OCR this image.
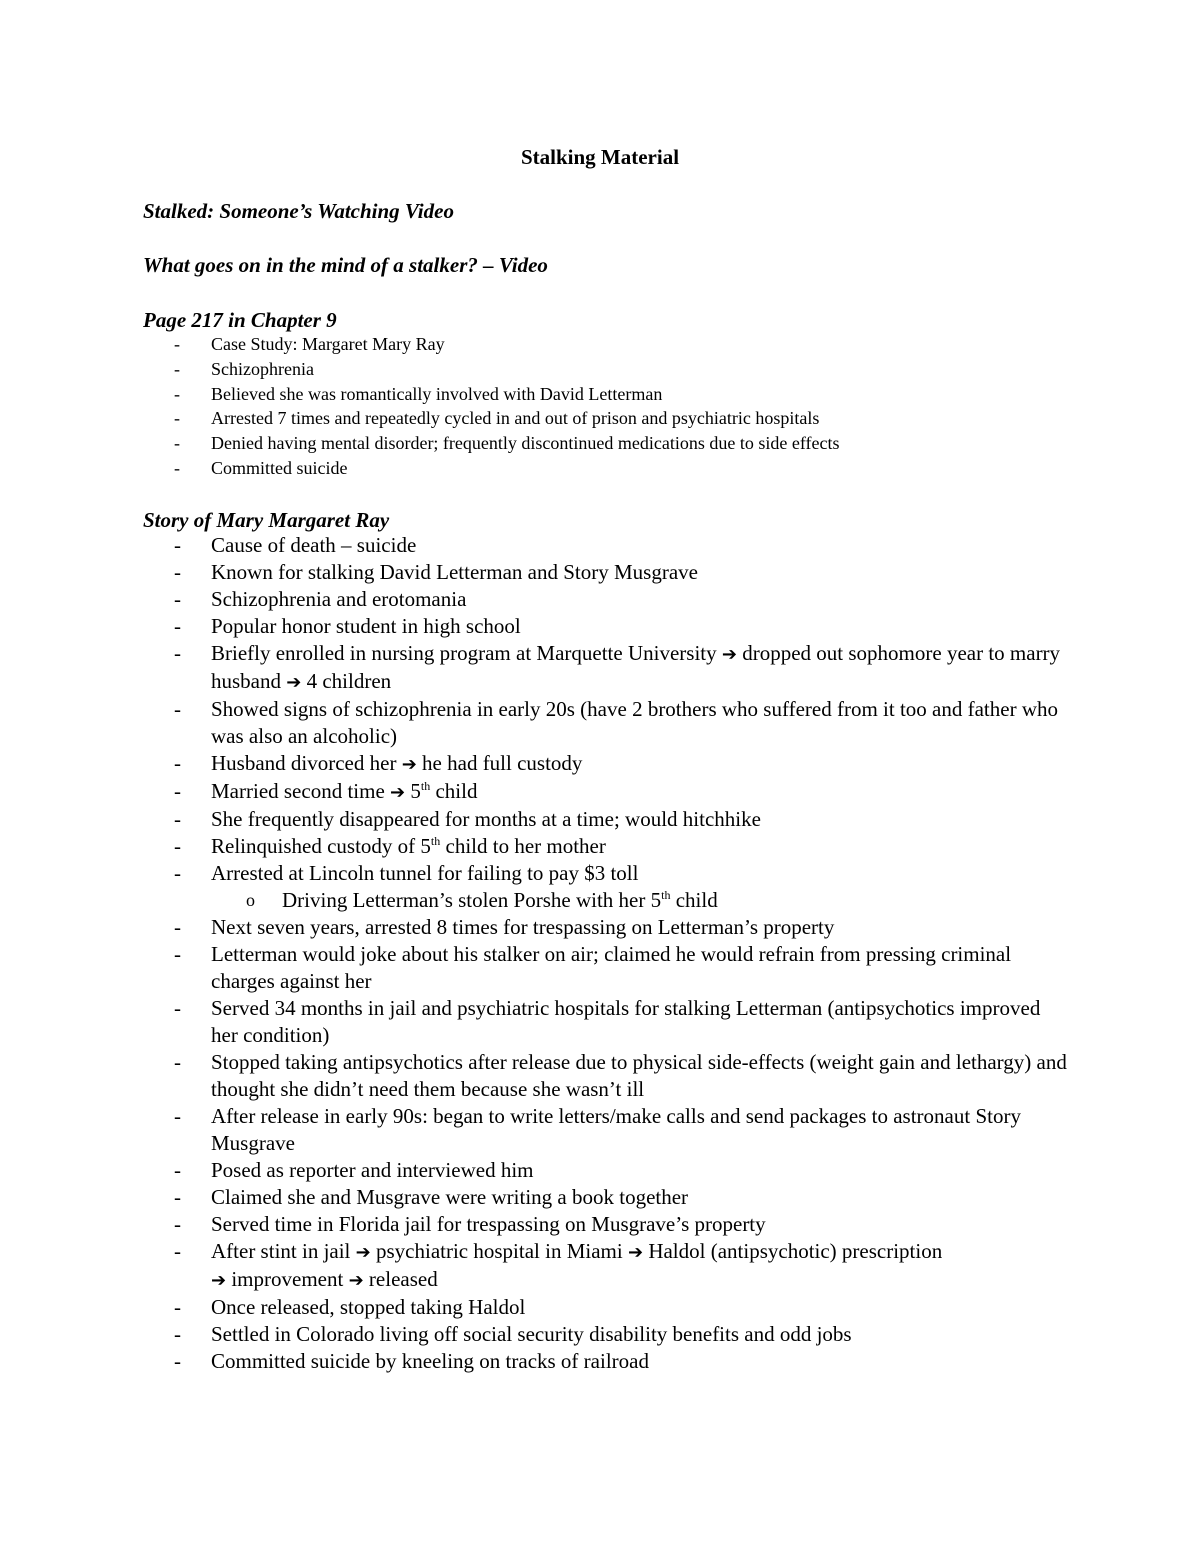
Stalking Material

Stalked: Someone’s Watching Video

What goes on in the mind of a stalker? – Video

Page 217 in Chapter 9

- Case Study: Margaret Mary Ray
- Schizophrenia
- Believed she was romantically involved with David Letterman
- Arrested 7 times and repeatedly cycled in and out of prison and psychiatric hospitals
- Denied having mental disorder; frequently discontinued medications due to side effects
- Committed suicide

Story of Mary Margaret Ray

- Cause of death – suicide
- Known for stalking David Letterman and Story Musgrave
- Schizophrenia and erotomania
- Popular honor student in high school
- Briefly enrolled in nursing program at Marquette University ➔ dropped out sophomore year to marry husband ➔ 4 children
- Showed signs of schizophrenia in early 20s (have 2 brothers who suffered from it too and father who was also an alcoholic)
- Husband divorced her ➔ he had full custody
- Married second time ➔ 5th child
- She frequently disappeared for months at a time; would hitchhike
- Relinquished custody of 5th child to her mother
- Arrested at Lincoln tunnel for failing to pay $3 toll
o Driving Letterman’s stolen Porshe with her 5th child
- Next seven years, arrested 8 times for trespassing on Letterman’s property
- Letterman would joke about his stalker on air; claimed he would refrain from pressing criminal charges against her
- Served 34 months in jail and psychiatric hospitals for stalking Letterman (antipsychotics improved her condition)
- Stopped taking antipsychotics after release due to physical side-effects (weight gain and lethargy) and thought she didn’t need them because she wasn’t ill
- After release in early 90s: began to write letters/make calls and send packages to astronaut Story Musgrave
- Posed as reporter and interviewed him
- Claimed she and Musgrave were writing a book together
- Served time in Florida jail for trespassing on Musgrave’s property
- After stint in jail ➔ psychiatric hospital in Miami ➔ Haldol (antipsychotic) prescription
➔ improvement ➔ released
- Once released, stopped taking Haldol
- Settled in Colorado living off social security disability benefits and odd jobs
- Committed suicide by kneeling on tracks of railroad
